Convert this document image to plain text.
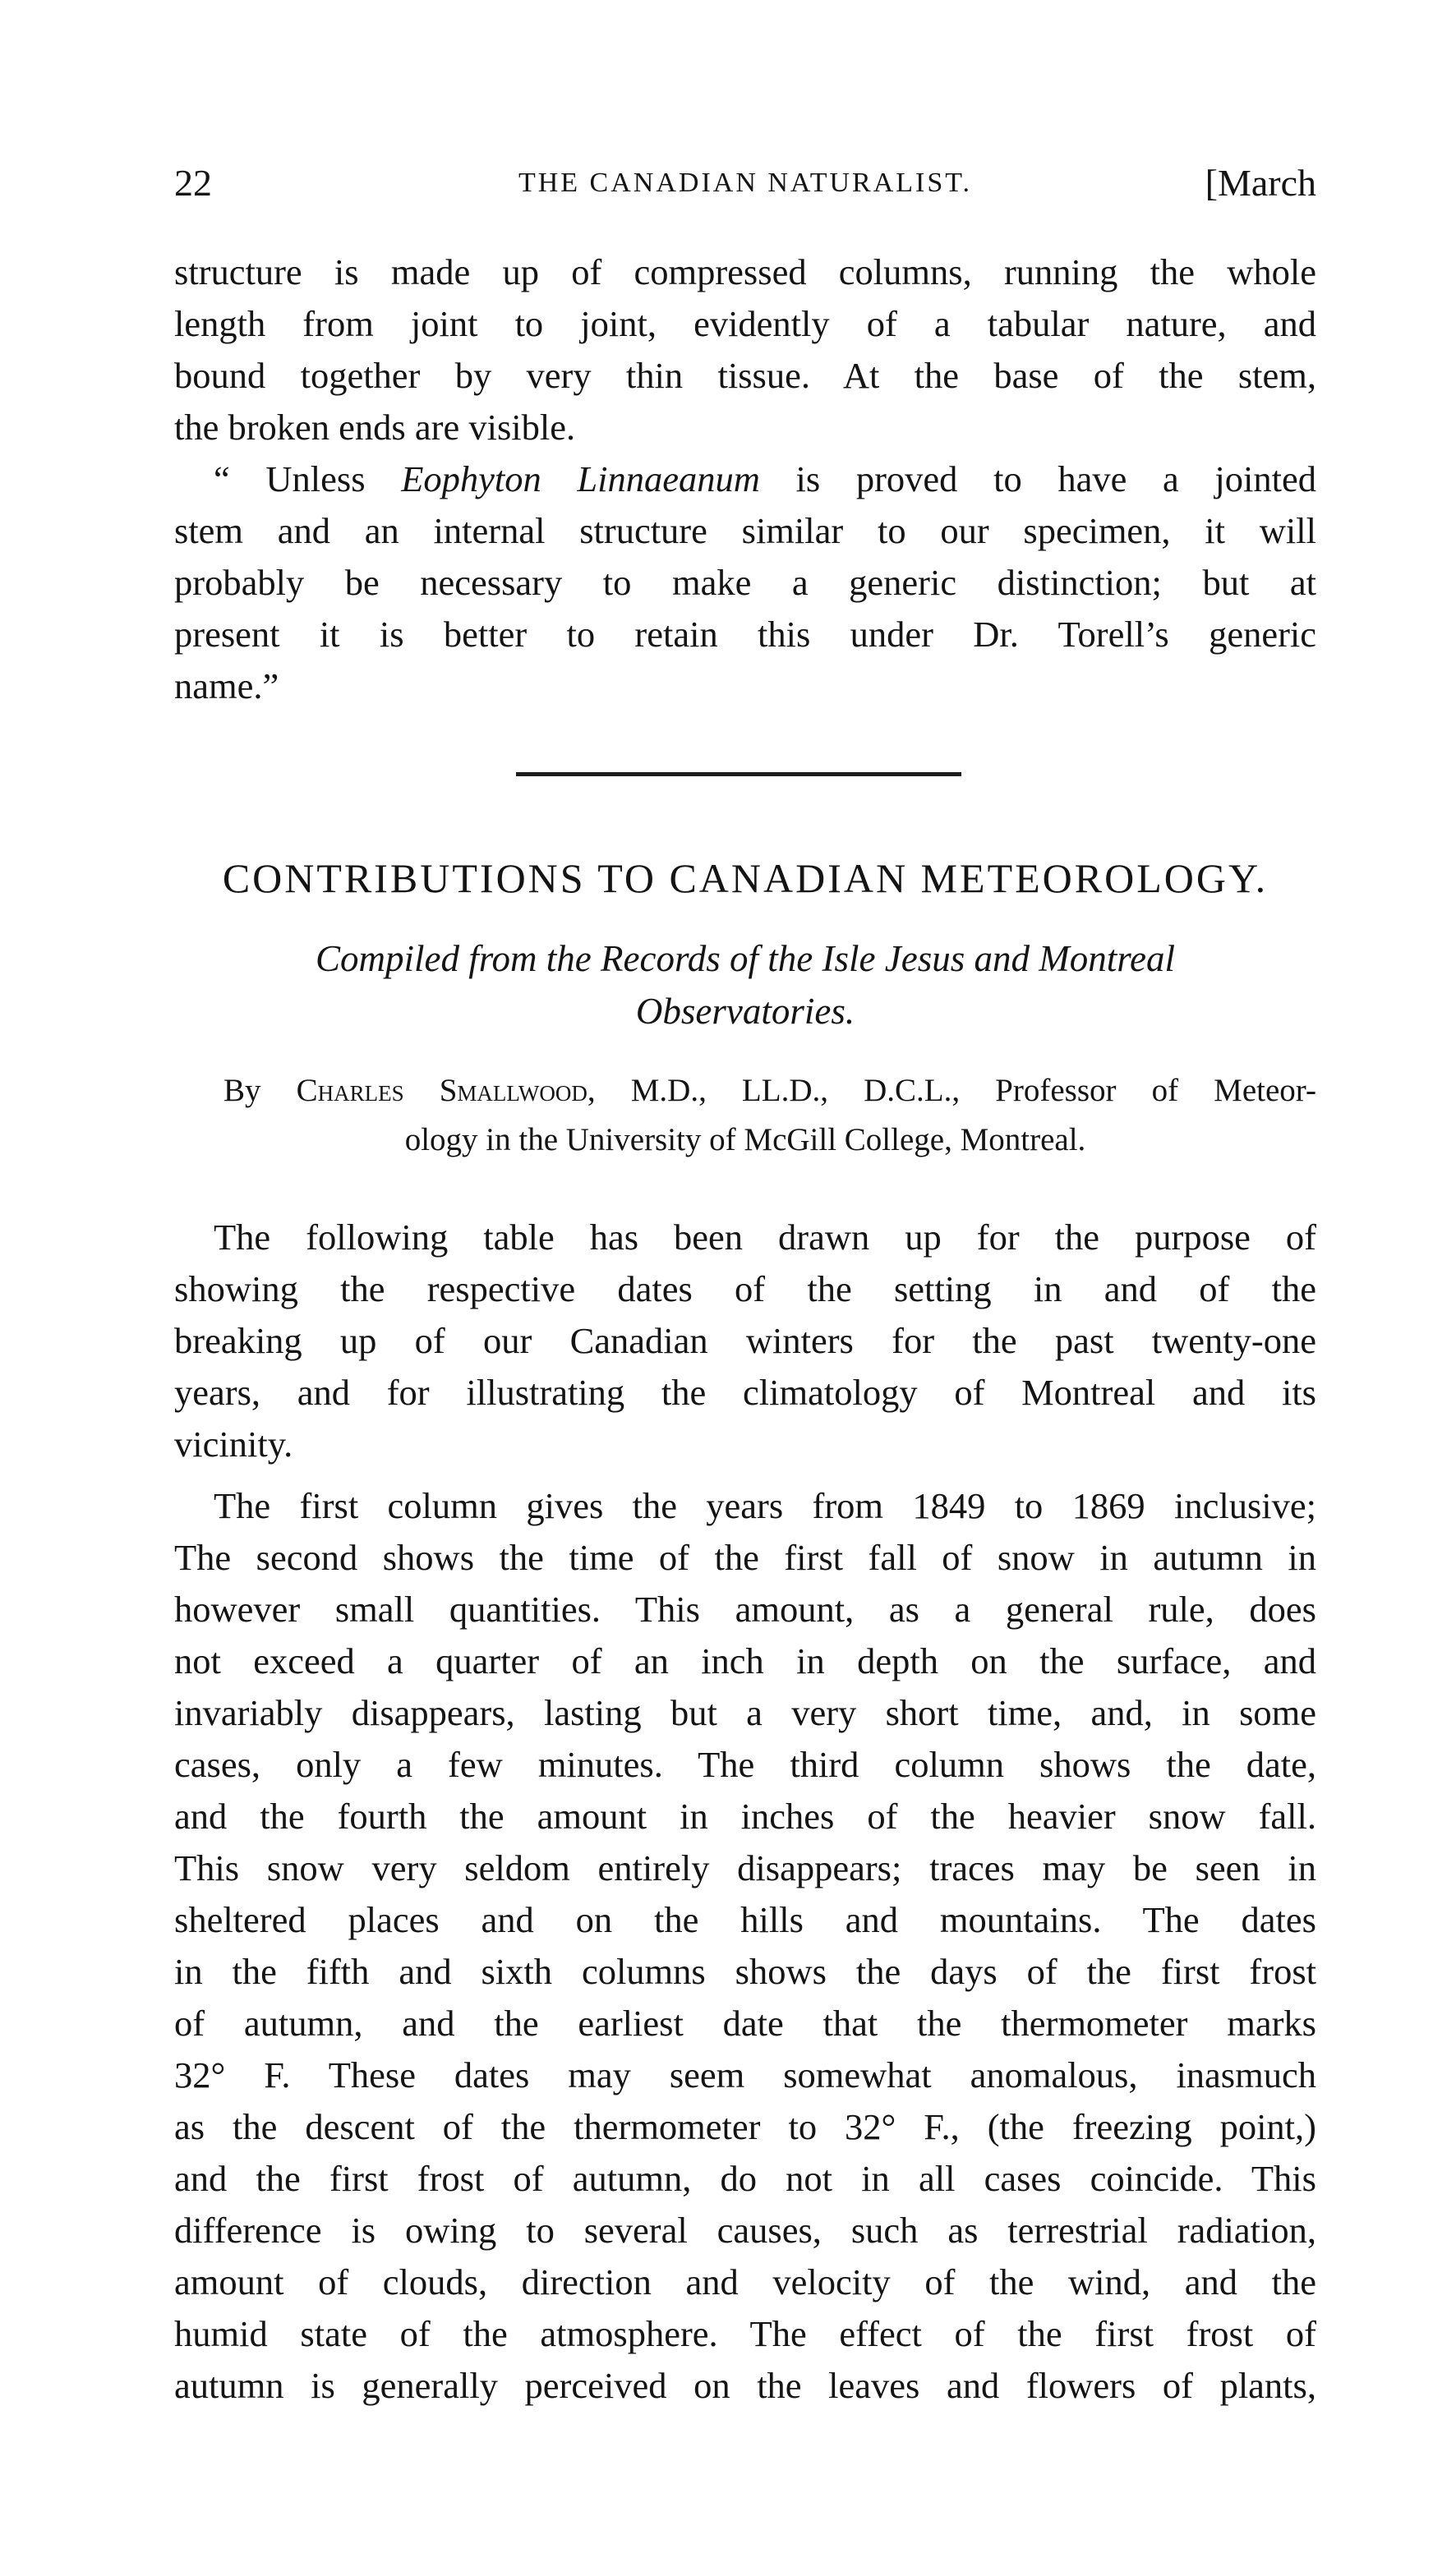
22	THE CANADIAN NATURALIST.	[March
structure is made up of compressed columns, running the whole
length from joint to joint, evidently of a tabular nature, and
bound together by very thin tissue. At the base of the stem,
the broken ends are visible.
“ Unless Eophyton Linnaeanum is proved to have a jointed
stem and an internal structure similar to our specimen, it will
probably be necessary to make a generic distinction; but at
present it is better to retain this under Dr. Torell’s generic
name.”
CONTRIBUTIONS TO CANADIAN METEOROLOGY.
Compiled from the Records of the Isle Jesus and Montreal
Observatories.
By Charles Smallwood, M.D., LL.D., D.C.L., Professor of Meteor-
ology in the University of McGill College, Montreal.
The following table has been drawn up for the purpose of
showing the respective dates of the setting in and of the
breaking up of our Canadian winters for the past twenty-one
years, and for illustrating the climatology of Montreal and its
vicinity.
The first column gives the years from 1849 to 1869 inclusive;
The second shows the time of the first fall of snow in autumn in
however small quantities. This amount, as a general rule, does
not exceed a quarter of an inch in depth on the surface, and
invariably disappears, lasting but a very short time, and, in some
cases, only a few minutes. The third column shows the date,
and the fourth the amount in inches of the heavier snow fall.
This snow very seldom entirely disappears; traces may be seen in
sheltered places and on the hills and mountains. The dates
in the fifth and sixth columns shows the days of the first frost
of autumn, and the earliest date that the thermometer marks
32° F. These dates may seem somewhat anomalous, inasmuch
as the descent of the thermometer to 32° F., (the freezing point,)
and the first frost of autumn, do not in all cases coincide. This
difference is owing to several causes, such as terrestrial radiation,
amount of clouds, direction and velocity of the wind, and the
humid state of the atmosphere. The effect of the first frost of
autumn is generally perceived on the leaves and flowers of plants,
